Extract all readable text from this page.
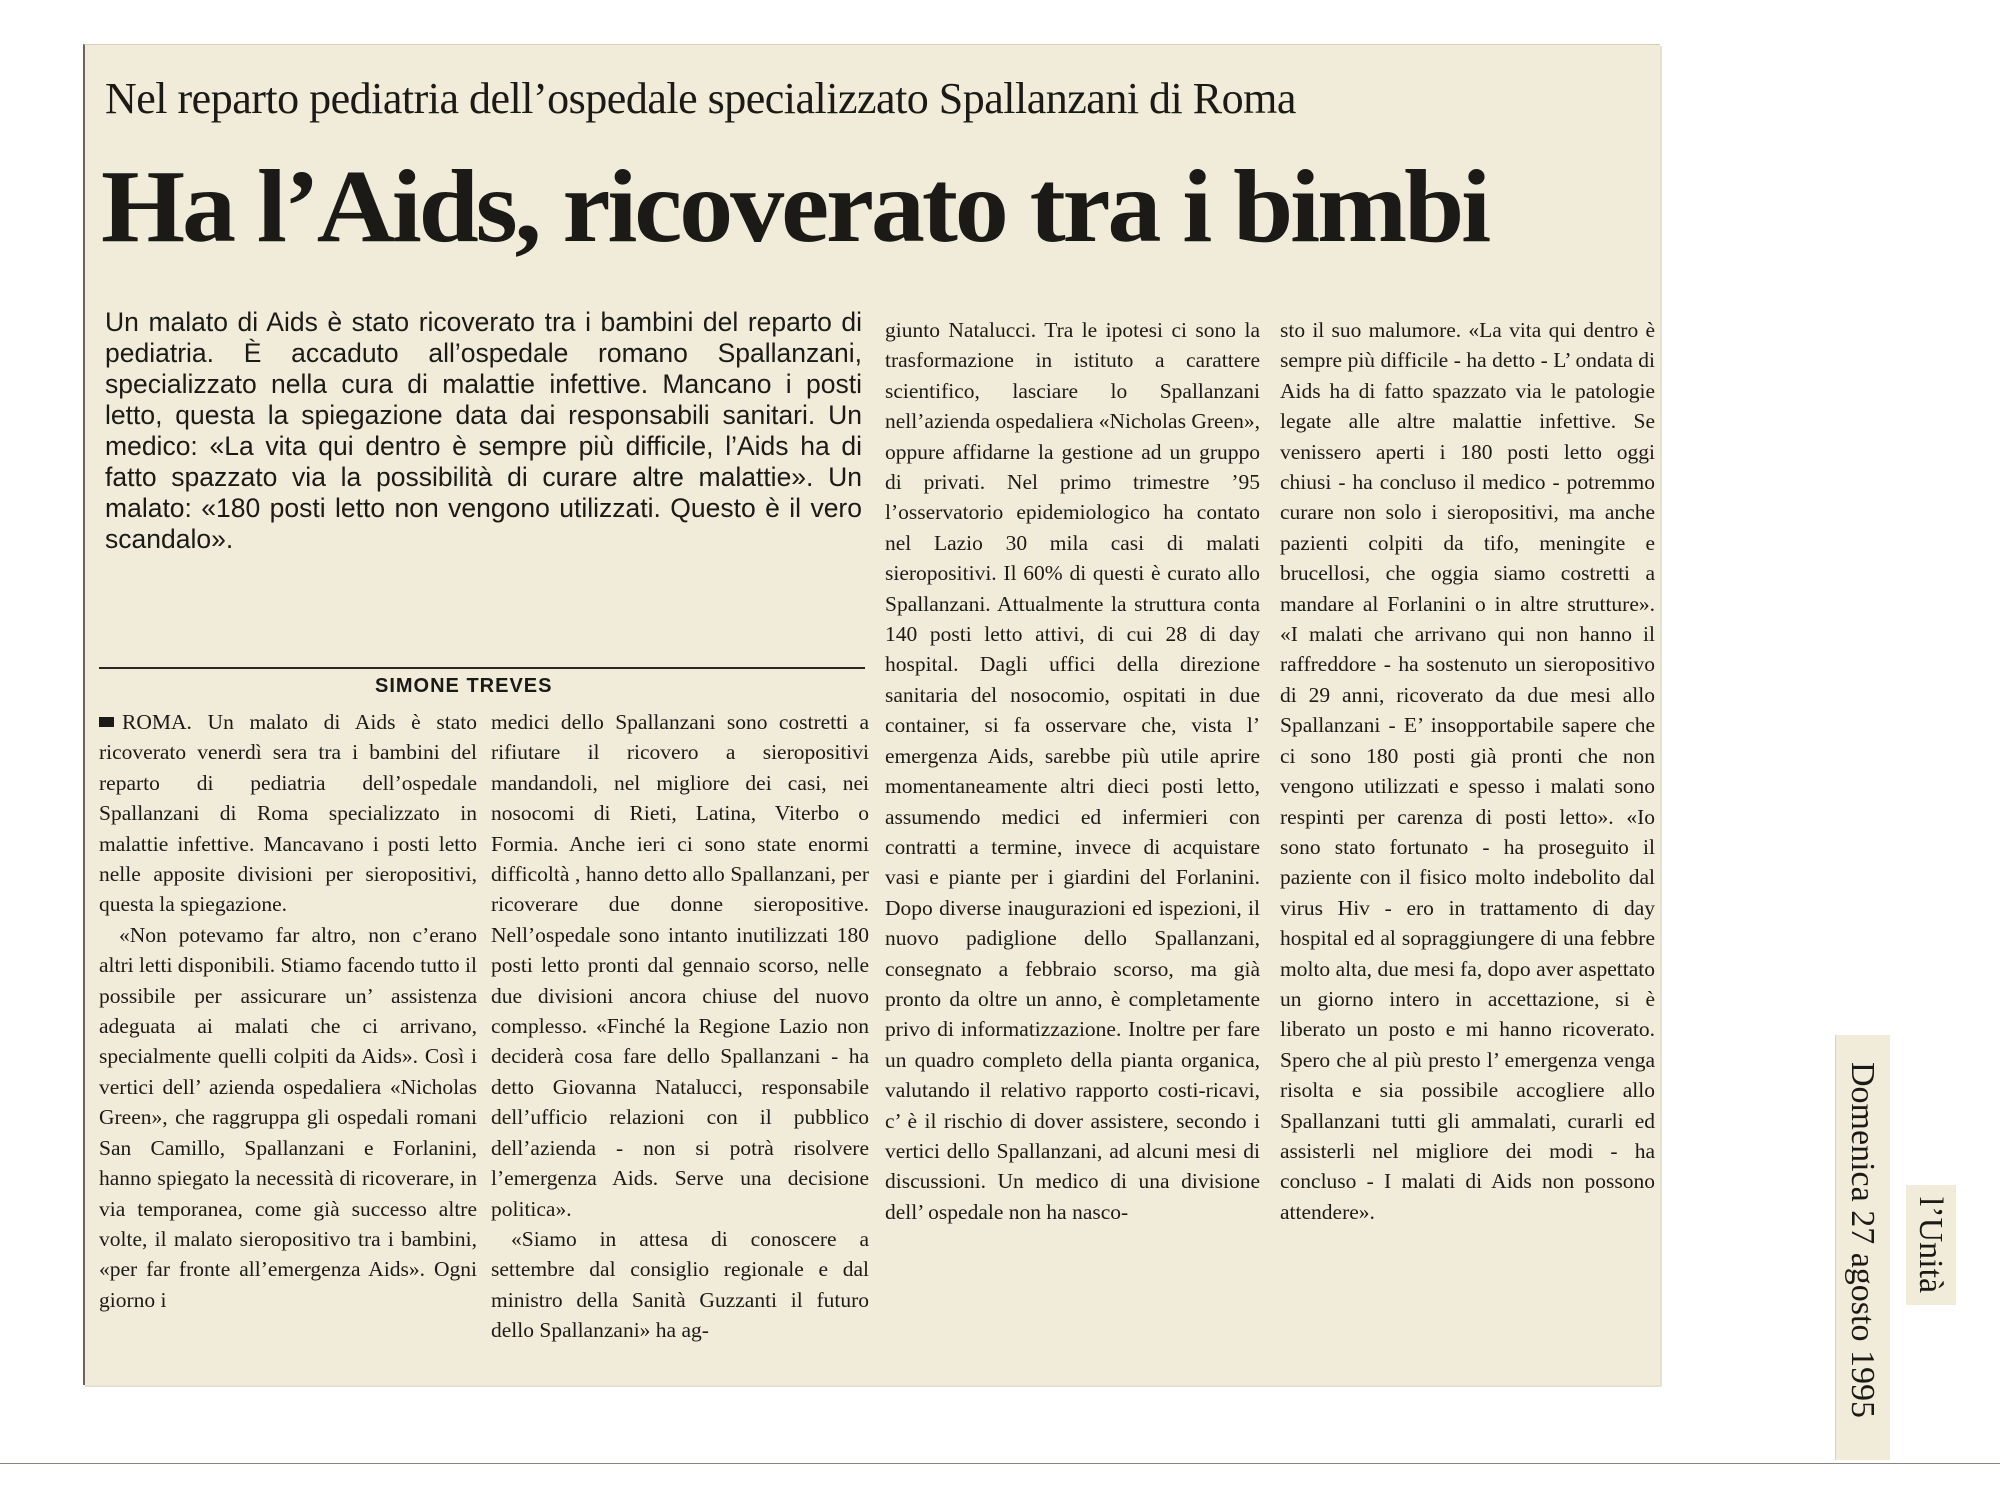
Nel reparto pediatria dell’ospedale specializzato Spallanzani di Roma
Ha l’Aids, ricoverato tra i bimbi
Un malato di Aids è stato ricoverato tra i bambini del reparto di pediatria. È accaduto all’ospedale romano Spallanzani, specializzato nella cura di malattie infettive. Mancano i posti letto, questa la spiegazione data dai responsabili sanitari. Un medico: «La vita qui dentro è sempre più difficile, l’Aids ha di fatto spazzato via la possibilità di curare altre malattie». Un malato: «180 posti letto non vengono utilizzati. Questo è il vero scandalo».
SIMONE TREVES

ROMA. Un malato di Aids è stato ricoverato venerdì sera tra i bambini del reparto di pediatria dell’ospedale Spallanzani di Roma specializzato in malattie infettive. Mancavano i posti letto nelle apposite divisioni per sieropositivi, questa la spiegazione.

«Non potevamo far altro, non c’erano altri letti disponibili. Stiamo facendo tutto il possibile per assicurare un’ assistenza adeguata ai malati che ci arrivano, specialmente quelli colpiti da Aids». Così i vertici dell’ azienda ospedaliera «Nicholas Green», che raggruppa gli ospedali romani San Camillo, Spallanzani e Forlanini, hanno spiegato la necessità di ricoverare, in via temporanea, come già successo altre volte, il malato sieropositivo tra i bambini, «per far fronte all’emergenza Aids». Ogni giorno i

medici dello Spallanzani sono costretti a rifiutare il ricovero a sieropositivi mandandoli, nel migliore dei casi, nei nosocomi di Rieti, Latina, Viterbo o Formia. Anche ieri ci sono state enormi difficoltà , hanno detto allo Spallanzani, per ricoverare due donne sieropositive. Nell’ospedale sono intanto inutilizzati 180 posti letto pronti dal gennaio scorso, nelle due divisioni ancora chiuse del nuovo complesso. «Finché la Regione Lazio non deciderà cosa fare dello Spallanzani - ha detto Giovanna Natalucci, responsabile dell’ufficio relazioni con il pubblico dell’azienda - non si potrà risolvere l’emergenza Aids. Serve una decisione politica».

«Siamo in attesa di conoscere a settembre dal consiglio regionale e dal ministro della Sanità Guzzanti il futuro dello Spallanzani» ha ag-

giunto Natalucci. Tra le ipotesi ci sono la trasformazione in istituto a carattere scientifico, lasciare lo Spallanzani nell’azienda ospedaliera «Nicholas Green», oppure affidarne la gestione ad un gruppo di privati. Nel primo trimestre ’95 l’osservatorio epidemiologico ha contato nel Lazio 30 mila casi di malati sieropositivi. Il 60% di questi è curato allo Spallanzani. Attualmente la struttura conta 140 posti letto attivi, di cui 28 di day hospital. Dagli uffici della direzione sanitaria del nosocomio, ospitati in due container, si fa osservare che, vista l’ emergenza Aids, sarebbe più utile aprire momentaneamente altri dieci posti letto, assumendo medici ed infermieri con contratti a termine, invece di acquistare vasi e piante per i giardini del Forlanini. Dopo diverse inaugurazioni ed ispezioni, il nuovo padiglione dello Spallanzani, consegnato a febbraio scorso, ma già pronto da oltre un anno, è completamente privo di informatizzazione. Inoltre per fare un quadro completo della pianta organica, valutando il relativo rapporto costi-ricavi, c’ è il rischio di dover assistere, secondo i vertici dello Spallanzani, ad alcuni mesi di discussioni. Un medico di una divisione dell’ ospedale non ha nasco-

sto il suo malumore. «La vita qui dentro è sempre più difficile - ha detto - L’ ondata di Aids ha di fatto spazzato via le patologie legate alle altre malattie infettive. Se venissero aperti i 180 posti letto oggi chiusi - ha concluso il medico - potremmo curare non solo i sieropositivi, ma anche pazienti colpiti da tifo, meningite e brucellosi, che oggia siamo costretti a mandare al Forlanini o in altre strutture». «I malati che arrivano qui non hanno il raffreddore - ha sostenuto un sieropositivo di 29 anni, ricoverato da due mesi allo Spallanzani - E’ insopportabile sapere che ci sono 180 posti già pronti che non vengono utilizzati e spesso i malati sono respinti per carenza di posti letto». «Io sono stato fortunato - ha proseguito il paziente con il fisico molto indebolito dal virus Hiv - ero in trattamento di day hospital ed al sopraggiungere di una febbre molto alta, due mesi fa, dopo aver aspettato un giorno intero in accettazione, si è liberato un posto e mi hanno ricoverato. Spero che al più presto l’ emergenza venga risolta e sia possibile accogliere allo Spallanzani tutti gli ammalati, curarli ed assisterli nel migliore dei modi - ha concluso - I malati di Aids non possono attendere».	Domenica 27 agosto 1995 l’Unità
